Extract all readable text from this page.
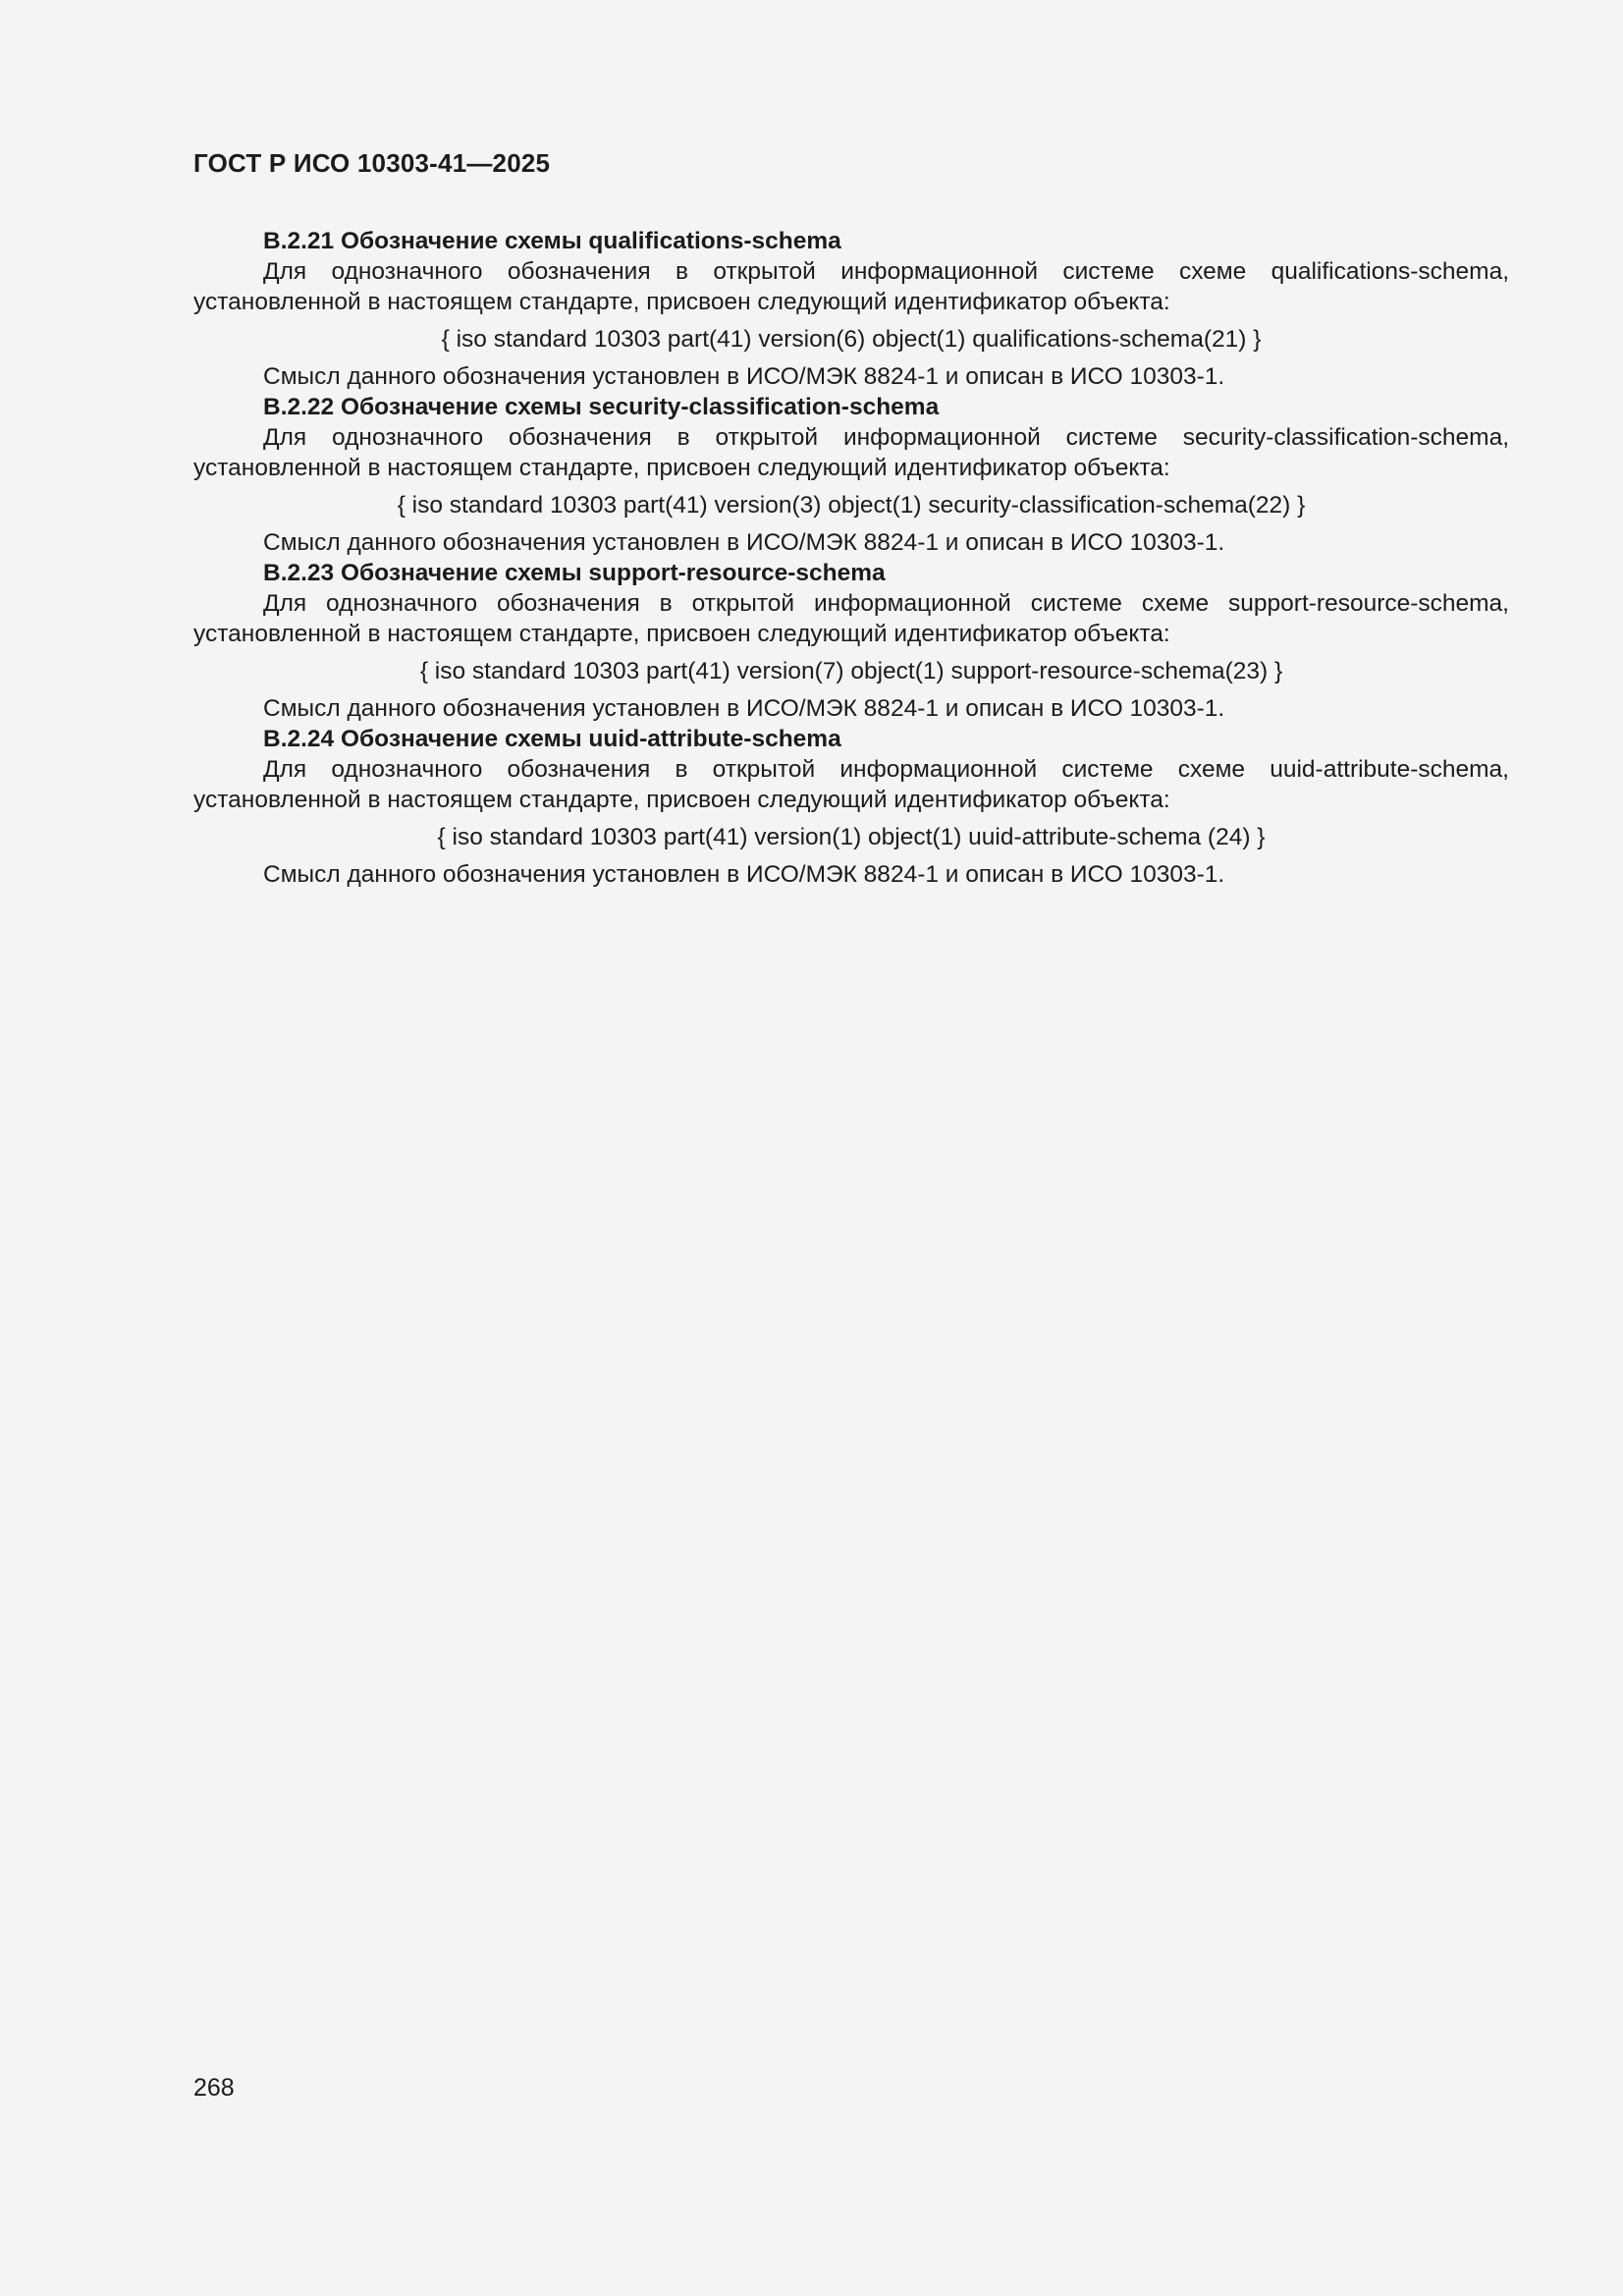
ГОСТ Р ИСО 10303-41—2025

B.2.21 Обозначение схемы qualifications-schema

Для однозначного обозначения в открытой информационной системе схеме qualifications-schema, установленной в настоящем стандарте, присвоен следующий идентификатор объекта:

{ iso standard 10303 part(41) version(6) object(1) qualifications-schema(21) }

Смысл данного обозначения установлен в ИСО/МЭК 8824-1 и описан в ИСО 10303-1.

B.2.22 Обозначение схемы security-classification-schema

Для однозначного обозначения в открытой информационной системе security-classification-schema, установленной в настоящем стандарте, присвоен следующий идентификатор объекта:

{ iso standard 10303 part(41) version(3) object(1) security-classification-schema(22) }

Смысл данного обозначения установлен в ИСО/МЭК 8824-1 и описан в ИСО 10303-1.

B.2.23 Обозначение схемы support-resource-schema

Для однозначного обозначения в открытой информационной системе схеме support-resource-schema, установленной в настоящем стандарте, присвоен следующий идентификатор объекта:

{ iso standard 10303 part(41) version(7) object(1) support-resource-schema(23) }

Смысл данного обозначения установлен в ИСО/МЭК 8824-1 и описан в ИСО 10303-1.

B.2.24 Обозначение схемы uuid-attribute-schema

Для однозначного обозначения в открытой информационной системе схеме uuid-attribute-schema, установленной в настоящем стандарте, присвоен следующий идентификатор объекта:

{ iso standard 10303 part(41) version(1) object(1) uuid-attribute-schema (24) }

Смысл данного обозначения установлен в ИСО/МЭК 8824-1 и описан в ИСО 10303-1.

268
